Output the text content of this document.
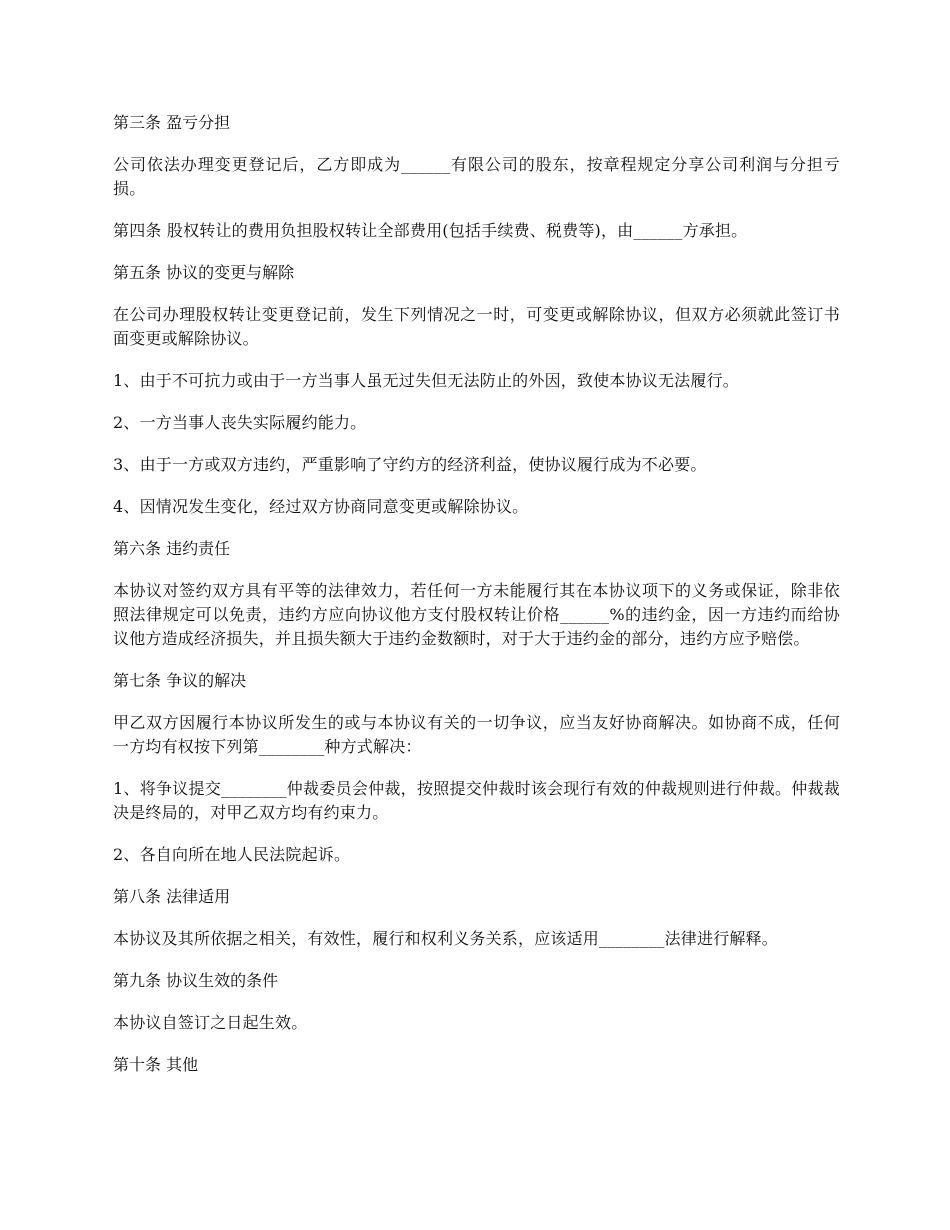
第三条 盈亏分担

公司依法办理变更登记后，乙方即成为______有限公司的股东，按章程规定分享公司利润与分担亏损。

第四条 股权转让的费用负担股权转让全部费用(包括手续费、税费等)，由______方承担。

第五条 协议的变更与解除

在公司办理股权转让变更登记前，发生下列情况之一时，可变更或解除协议，但双方必须就此签订书面变更或解除协议。

1、由于不可抗力或由于一方当事人虽无过失但无法防止的外因，致使本协议无法履行。

2、一方当事人丧失实际履约能力。

3、由于一方或双方违约，严重影响了守约方的经济利益，使协议履行成为不必要。

4、因情况发生变化，经过双方协商同意变更或解除协议。

第六条 违约责任

本协议对签约双方具有平等的法律效力，若任何一方未能履行其在本协议项下的义务或保证，除非依照法律规定可以免责，违约方应向协议他方支付股权转让价格______%的违约金，因一方违约而给协议他方造成经济损失，并且损失额大于违约金数额时，对于大于违约金的部分，违约方应予赔偿。

第七条 争议的解决

甲乙双方因履行本协议所发生的或与本协议有关的一切争议，应当友好协商解决。如协商不成，任何一方均有权按下列第________种方式解决：

1、将争议提交________仲裁委员会仲裁，按照提交仲裁时该会现行有效的仲裁规则进行仲裁。仲裁裁决是终局的，对甲乙双方均有约束力。

2、各自向所在地人民法院起诉。

第八条 法律适用

本协议及其所依据之相关，有效性，履行和权利义务关系，应该适用________法律进行解释。

第九条 协议生效的条件

本协议自签订之日起生效。

第十条 其他
